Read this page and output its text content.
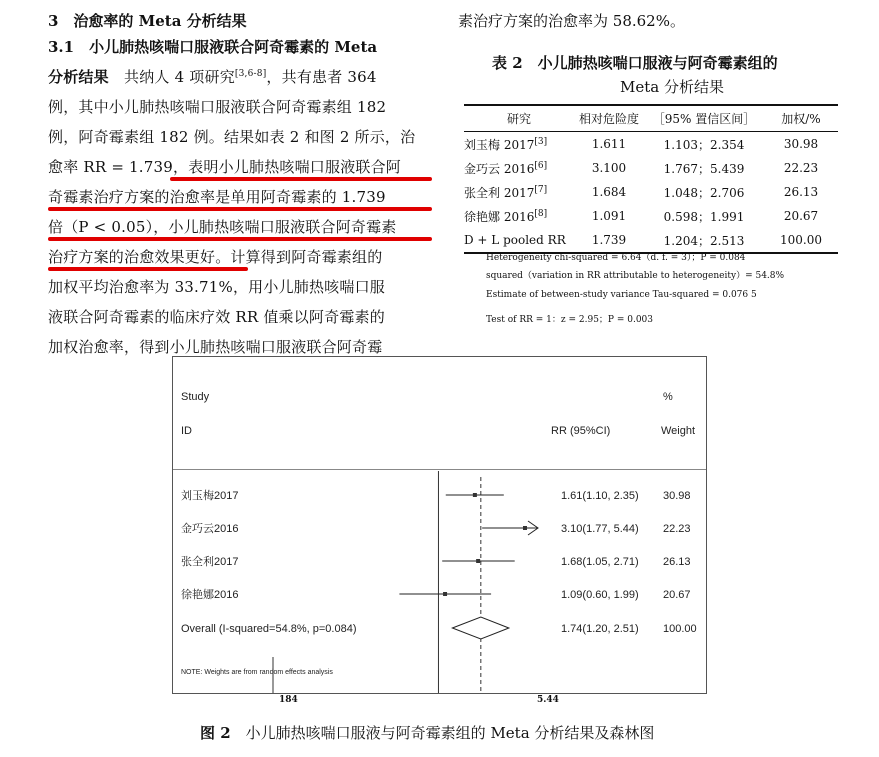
3　治愈率的 Meta 分析结果
3.1　小儿肺热咳喘口服液联合阿奇霉素的 Meta
分析结果　共纳人 4 项研究[3,6-8]，共有患者 364
例，其中小儿肺热咳喘口服液联合阿奇霉素组 182
例，阿奇霉素组 182 例。结果如表 2 和图 2 所示，治
愈率 RR = 1.739，表明小儿肺热咳喘口服液联合阿
奇霉素治疗方案的治愈率是单用阿奇霉素的 1.739
倍（P < 0.05），小儿肺热咳喘口服液联合阿奇霉素
治疗方案的治愈效果更好。计算得到阿奇霉素组的
加权平均治愈率为 33.71%，用小儿肺热咳喘口服
液联合阿奇霉素的临床疗效 RR 值乘以阿奇霉素的
加权治愈率，得到小儿肺热咳喘口服液联合阿奇霉
素治疗方案的治愈率为 58.62%。
表 2　小儿肺热咳喘口服液与阿奇霉素组的
Meta 分析结果
研究	相对危险度	［95% 置信区间］	加权/%
刘玉梅 2017[3]	1.611	1.103；2.354	30.98
金巧云 2016[6]	3.100	1.767；5.439	22.23
张全利 2017[7]	1.684	1.048；2.706	26.13
徐艳娜 2016[8]	1.091	0.598；1.991	20.67
D + L pooled RR	1.739	1.204；2.513	100.00
Heterogeneity chi-squared = 6.64（d. f. = 3）；P = 0.084
squared（variation in RR attributable to heterogeneity）= 54.8%
Estimate of between-study variance Tau-squared = 0.076 5
Test of RR = 1：z = 2.95；P = 0.003
Study
ID
%
RR (95%CI)	Weight
NOTE: Weights are from random effects analysis
刘玉梅2017	1.61(1.10, 2.35) 30.98
金巧云2016	3.10(1.77, 5.44) 22.23
张全利2017	1.68(1.05, 2.71) 26.13
徐艳娜2016	1.09(0.60, 1.99) 20.67
Overall (I-squared=54.8%, p=0.084)	1.74(1.20, 2.51) 100.00
184	5.44
图 2　小儿肺热咳喘口服液与阿奇霉素组的 Meta 分析结果及森林图
